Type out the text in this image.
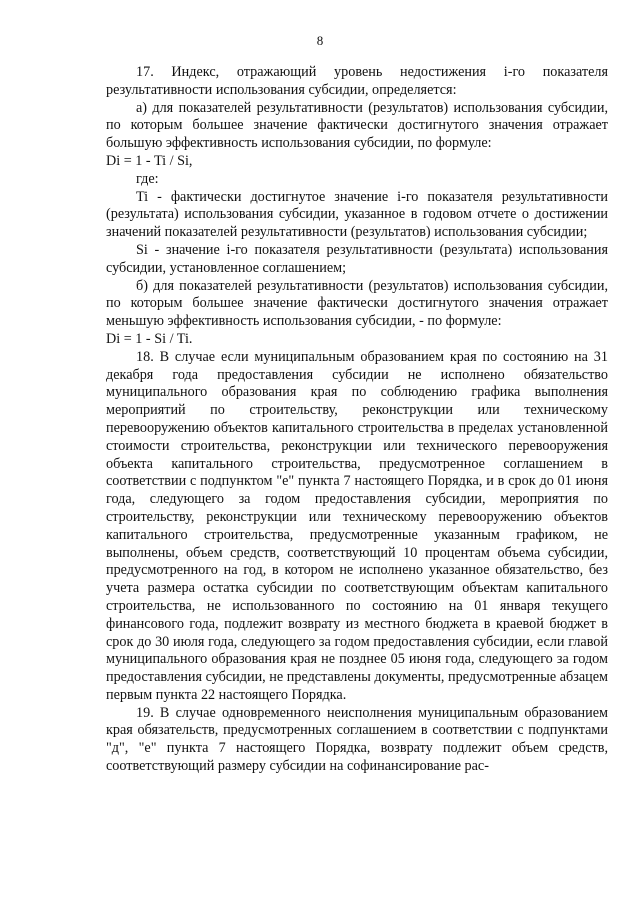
8

17. Индекс, отражающий уровень недостижения i-го показателя результативности использования субсидии, определяется:

а) для показателей результативности (результатов) использования субсидии, по которым большее значение фактически достигнутого значения отражает большую эффективность использования субсидии, по формуле:

Di = 1 - Ti / Si,

где:

Ti - фактически достигнутое значение i-го показателя результативности (результата) использования субсидии, указанное в годовом отчете о достижении значений показателей результативности (результатов) использования субсидии;

Si - значение i-го показателя результативности (результата) использования субсидии, установленное соглашением;

б) для показателей результативности (результатов) использования субсидии, по которым большее значение фактически достигнутого значения отражает меньшую эффективность использования субсидии, - по формуле:

Di = 1 - Si / Ti.

18. В случае если муниципальным образованием края по состоянию на 31 декабря года предоставления субсидии не исполнено обязательство муниципального образования края по соблюдению графика выполнения мероприятий по строительству, реконструкции или техническому перевооружению объектов капитального строительства в пределах установленной стоимости строительства, реконструкции или технического перевооружения объекта капитального строительства, предусмотренное соглашением в соответствии с подпунктом "е" пункта 7 настоящего Порядка, и в срок до 01 июня года, следующего за годом предоставления субсидии, мероприятия по строительству, реконструкции или техническому перевооружению объектов капитального строительства, предусмотренные указанным графиком, не выполнены, объем средств, соответствующий 10 процентам объема субсидии, предусмотренного на год, в котором не исполнено указанное обязательство, без учета размера остатка субсидии по соответствующим объектам капитального строительства, не использованного по состоянию на 01 января текущего финансового года, подлежит возврату из местного бюджета в краевой бюджет в срок до 30 июля года, следующего за годом предоставления субсидии, если главой муниципального образования края не позднее 05 июня года, следующего за годом предоставления субсидии, не представлены документы, предусмотренные абзацем первым пункта 22 настоящего Порядка.

19. В случае одновременного неисполнения муниципальным образованием края обязательств, предусмотренных соглашением в соответствии с подпунктами "д", "е" пункта 7 настоящего Порядка, возврату подлежит объем средств, соответствующий размеру субсидии на софинансирование рас-
